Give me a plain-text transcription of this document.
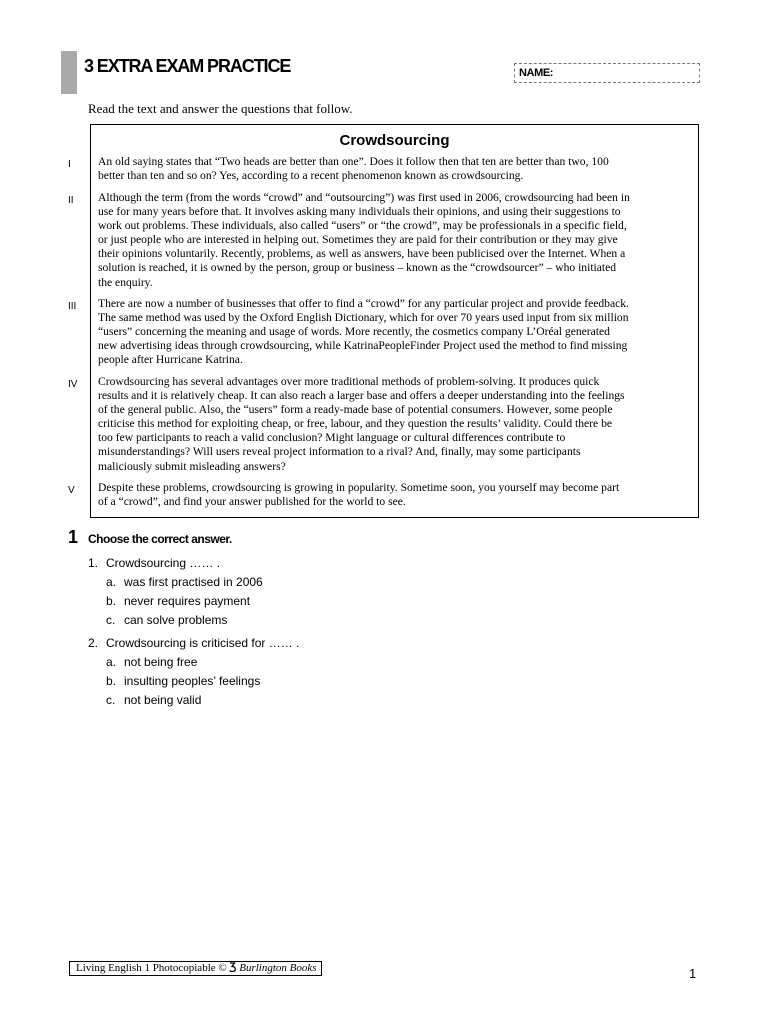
3 EXTRA EXAM PRACTICE	NAME:
Read the text and answer the questions that follow.
Crowdsourcing
I An old saying states that “Two heads are better than one”. Does it follow then that ten are better than two, 100
better than ten and so on? Yes, according to a recent phenomenon known as crowdsourcing.
II Although the term (from the words “crowd” and “outsourcing”) was first used in 2006, crowdsourcing had been in
use for many years before that. It involves asking many individuals their opinions, and using their suggestions to
work out problems. These individuals, also called “users” or “the crowd”, may be professionals in a specific field,
or just people who are interested in helping out. Sometimes they are paid for their contribution or they may give
their opinions voluntarily. Recently, problems, as well as answers, have been publicised over the Internet. When a
solution is reached, it is owned by the person, group or business – known as the “crowdsourcer” – who initiated
the enquiry.
III There are now a number of businesses that offer to find a “crowd” for any particular project and provide feedback.
The same method was used by the Oxford English Dictionary, which for over 70 years used input from six million
“users” concerning the meaning and usage of words. More recently, the cosmetics company L’Oréal generated
new advertising ideas through crowdsourcing, while KatrinaPeopleFinder Project used the method to find missing
people after Hurricane Katrina.
IV Crowdsourcing has several advantages over more traditional methods of problem-solving. It produces quick
results and it is relatively cheap. It can also reach a larger base and offers a deeper understanding into the feelings
of the general public. Also, the “users” form a ready-made base of potential consumers. However, some people
criticise this method for exploiting cheap, or free, labour, and they question the results’ validity. Could there be
too few participants to reach a valid conclusion? Might language or cultural differences contribute to
misunderstandings? Will users reveal project information to a rival? And, finally, may some participants
maliciously submit misleading answers?
V Despite these problems, crowdsourcing is growing in popularity. Sometime soon, you yourself may become part
of a “crowd”, and find your answer published for the world to see.
1 Choose the correct answer.
1. Crowdsourcing …… .
a. was first practised in 2006
b. never requires payment
c. can solve problems
2. Crowdsourcing is criticised for …… .
a. not being free
b. insulting peoples’ feelings
c. not being valid
Living English 1 Photocopiable © Burlington Books	1
